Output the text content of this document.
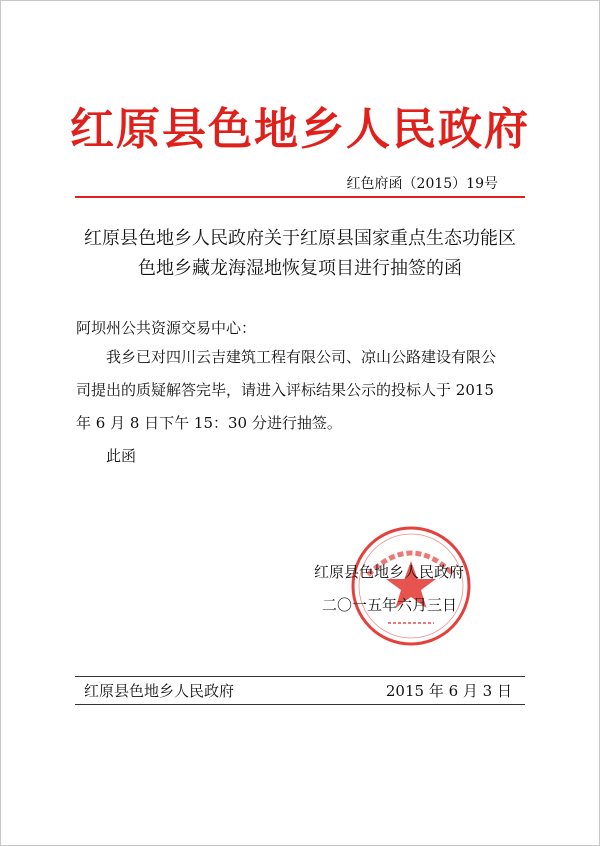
红原县色地乡人民政府
红色府函（2015）19号
红原县色地乡人民政府关于红原县国家重点生态功能区
色地乡藏龙海湿地恢复项目进行抽签的函
阿坝州公共资源交易中心：
我乡已对四川云吉建筑工程有限公司、凉山公路建设有限公
司提出的质疑解答完毕，请进入评标结果公示的投标人于 2015
年 6 月 8 日下午 15：30 分进行抽签。
此函
红原县色地乡人民政府
二〇一五年六月三日
红原县色地乡人民政府	2015 年 6 月 3 日
